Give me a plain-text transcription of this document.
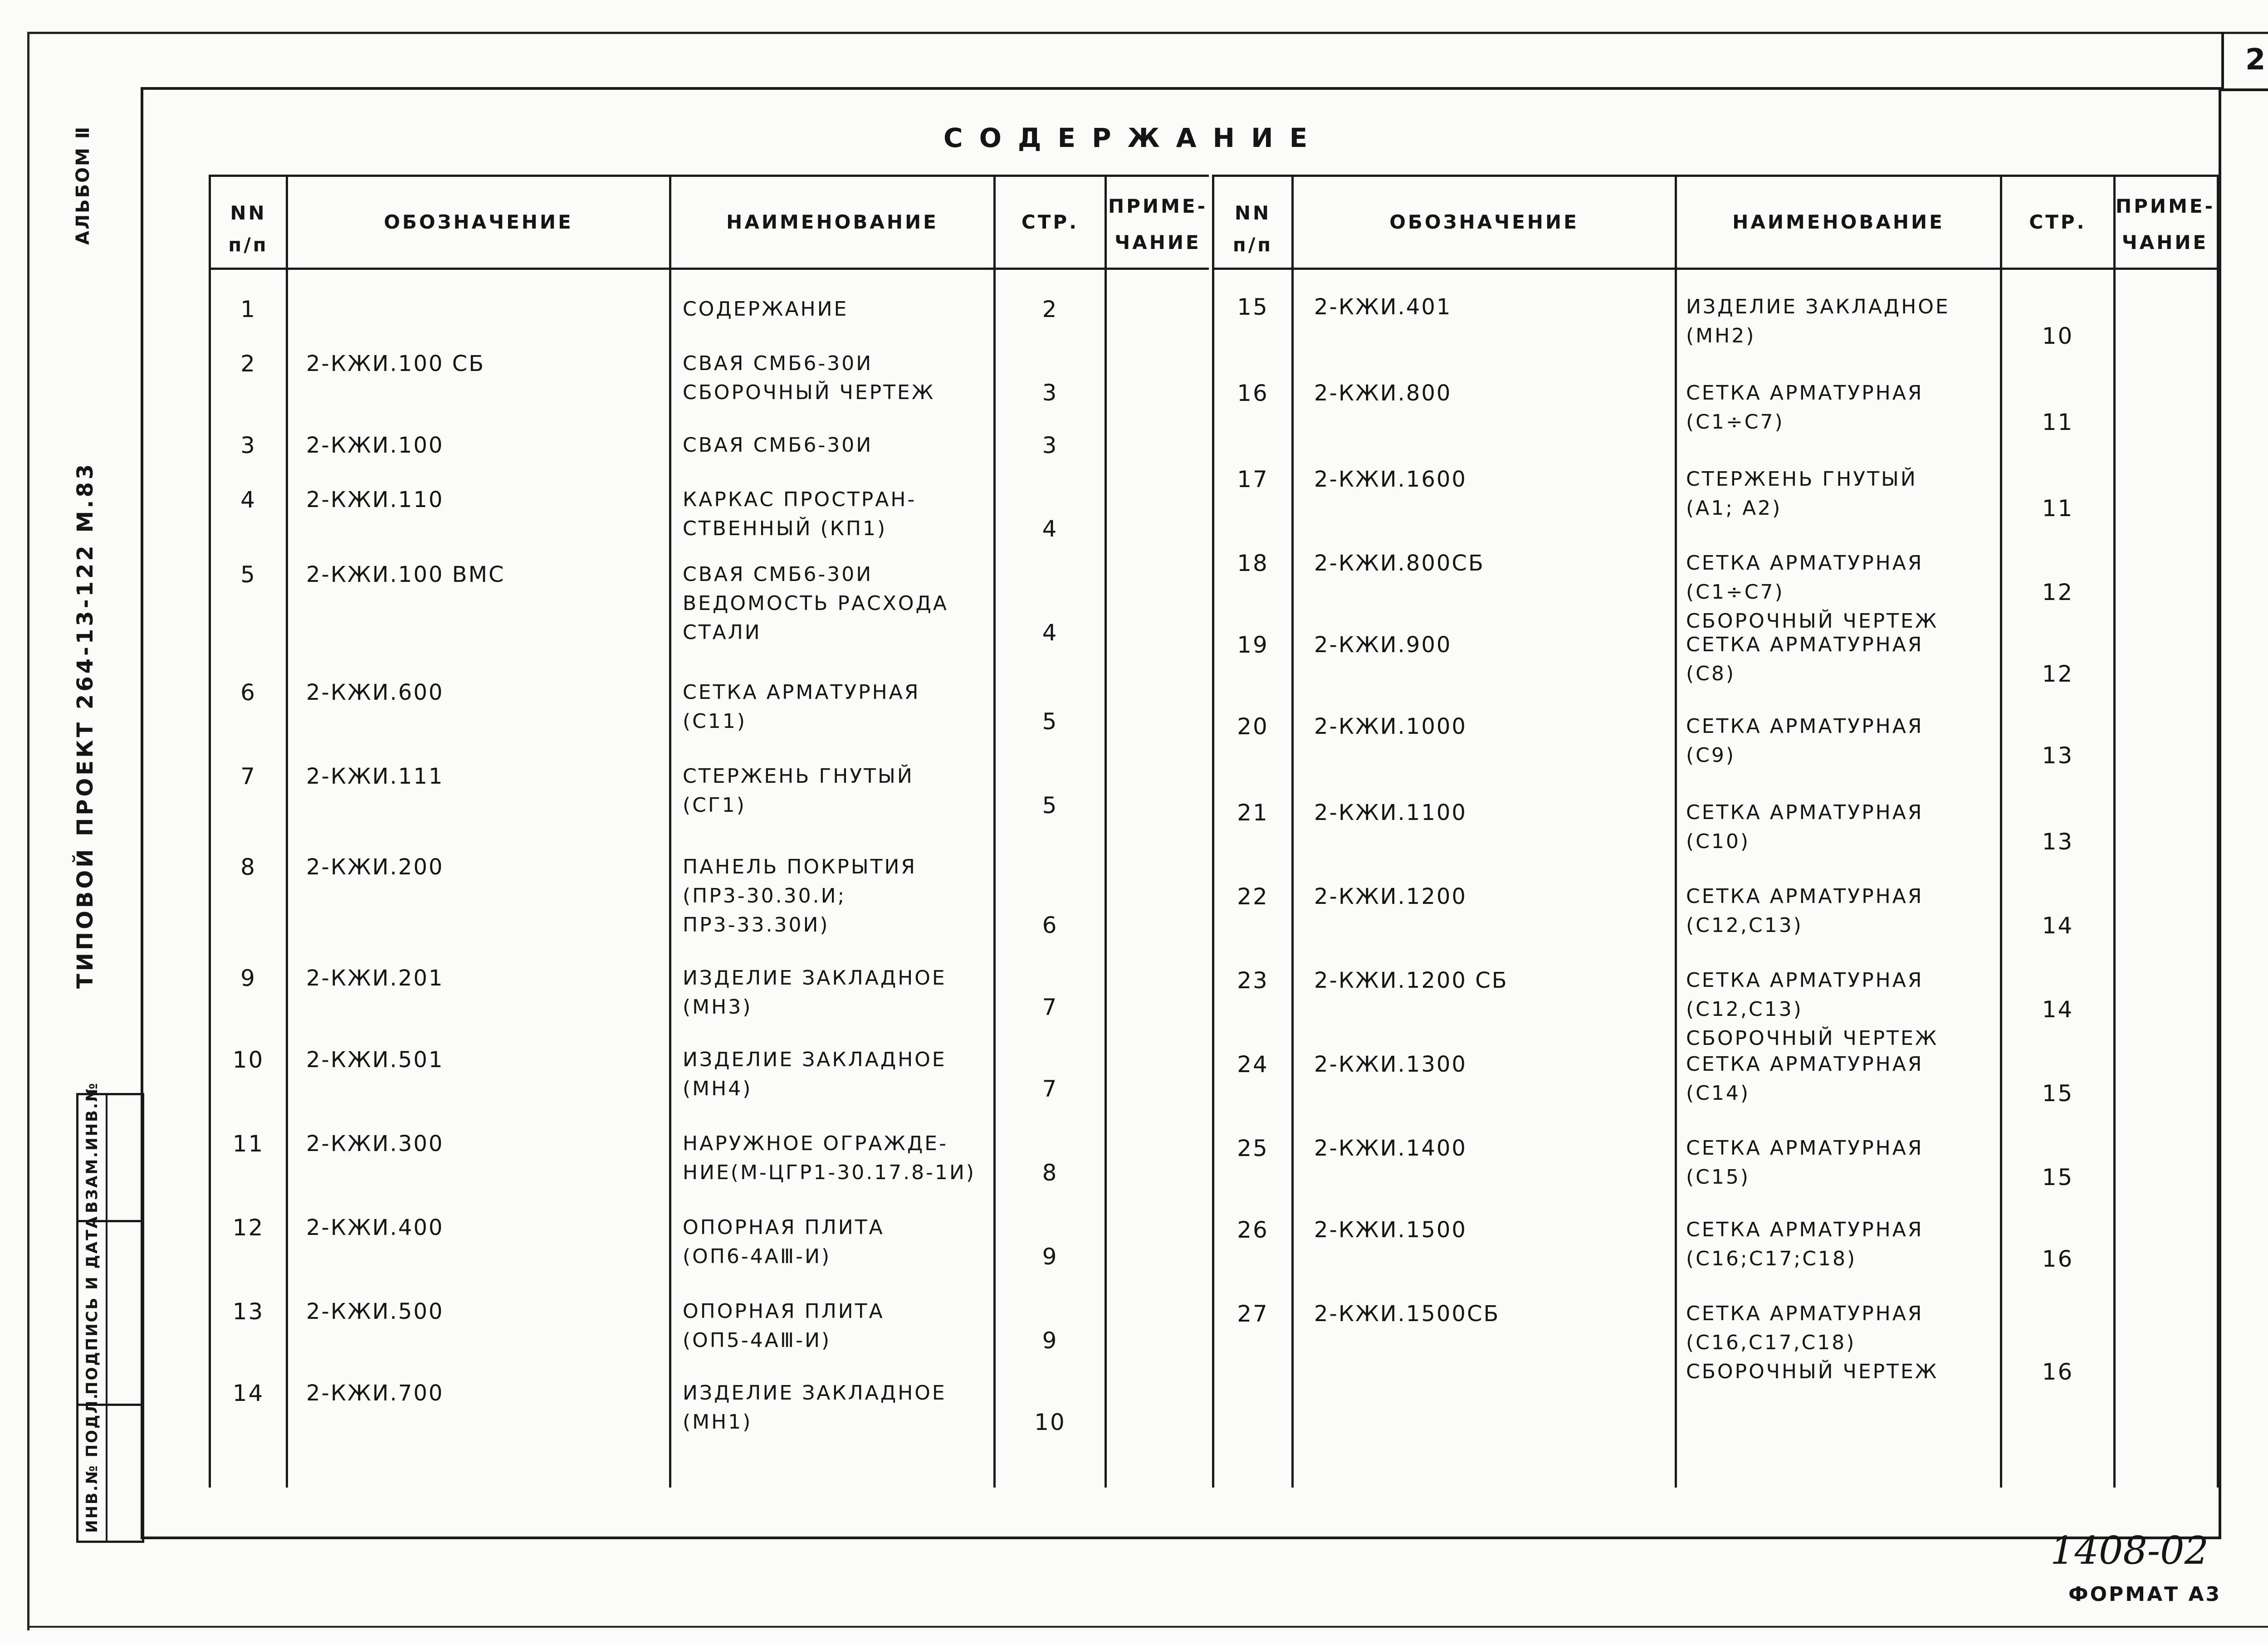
2
СОДЕРЖАНИЕ
NN
п/п
ОБОЗНАЧЕНИЕ	НАИМЕНОВАНИЕ	СТР.
ПРИМЕ-
ЧАНИЕ
1	СОДЕРЖАНИЕ	2
2	2-КЖИ.100 СБ	СВАЯ СМБ6-30И
СБОРОЧНЫЙ ЧЕРТЕЖ	3
3	2-КЖИ.100	СВАЯ СМБ6-30И	3
4	2-КЖИ.110	КАРКАС ПРОСТРАН-
СТВЕННЫЙ (КП1)	4
5	2-КЖИ.100 ВМС	СВАЯ СМБ6-30И
ВЕДОМОСТЬ РАСХОДА
СТАЛИ	4
6	2-КЖИ.600	СЕТКА АРМАТУРНАЯ
(С11)	5
7	2-КЖИ.111	СТЕРЖЕНЬ ГНУТЫЙ
(СГ1)	5
8	2-КЖИ.200	ПАНЕЛЬ ПОКРЫТИЯ
(ПР3-30.30.И;
ПР3-33.30И)	6
9	2-КЖИ.201	ИЗДЕЛИЕ ЗАКЛАДНОЕ
(МН3)	7
10	2-КЖИ.501	ИЗДЕЛИЕ ЗАКЛАДНОЕ
(МН4)	7
11	2-КЖИ.300	НАРУЖНОЕ ОГРАЖДЕ-
НИЕ(М-ЦГР1-30.17.8-1И)	8
12	2-КЖИ.400	ОПОРНАЯ ПЛИТА
(ОП6-4АⅢ-И)	9
13	2-КЖИ.500	ОПОРНАЯ ПЛИТА
(ОП5-4АⅢ-И)	9
14	2-КЖИ.700	ИЗДЕЛИЕ ЗАКЛАДНОЕ
(МН1)	10
NN
п/п
ОБОЗНАЧЕНИЕ	НАИМЕНОВАНИЕ	СТР.
ПРИМЕ-
ЧАНИЕ
15	2-КЖИ.401	ИЗДЕЛИЕ ЗАКЛАДНОЕ
(МН2)	10
16	2-КЖИ.800	СЕТКА АРМАТУРНАЯ
(С1÷С7)	11
17	2-КЖИ.1600	СТЕРЖЕНЬ ГНУТЫЙ
(А1; А2)	11
18	2-КЖИ.800СБ	СЕТКА АРМАТУРНАЯ (С1÷С7)
СБОРОЧНЫЙ ЧЕРТЕЖ
12
19	2-КЖИ.900	СЕТКА АРМАТУРНАЯ
(С8)	12
20	2-КЖИ.1000	СЕТКА АРМАТУРНАЯ
(С9)	13
21	2-КЖИ.1100	СЕТКА АРМАТУРНАЯ
(С10)	13
22	2-КЖИ.1200	СЕТКА АРМАТУРНАЯ
(С12,С13)	14
23	2-КЖИ.1200 СБ	СЕТКА АРМАТУРНАЯ (С12,С13)
СБОРОЧНЫЙ ЧЕРТЕЖ
14
24	2-КЖИ.1300	СЕТКА АРМАТУРНАЯ
(С14)	15
25	2-КЖИ.1400	СЕТКА АРМАТУРНАЯ
(С15)	15
26	2-КЖИ.1500	СЕТКА АРМАТУРНАЯ
(С16;С17;С18)	16
27	2-КЖИ.1500СБ	СЕТКА АРМАТУРНАЯ
(С16,С17,С18)
СБОРОЧНЫЙ ЧЕРТЕЖ	16
АЛЬБОМ Ⅱ
ТИПОВОЙ ПРОЕКТ 264-13-122 М.83
ВЗАМ.ИНВ.№
ПОДПИСЬ И ДАТА
ИНВ.№ ПОДЛ.
1408-02
ФОРМАТ А3
